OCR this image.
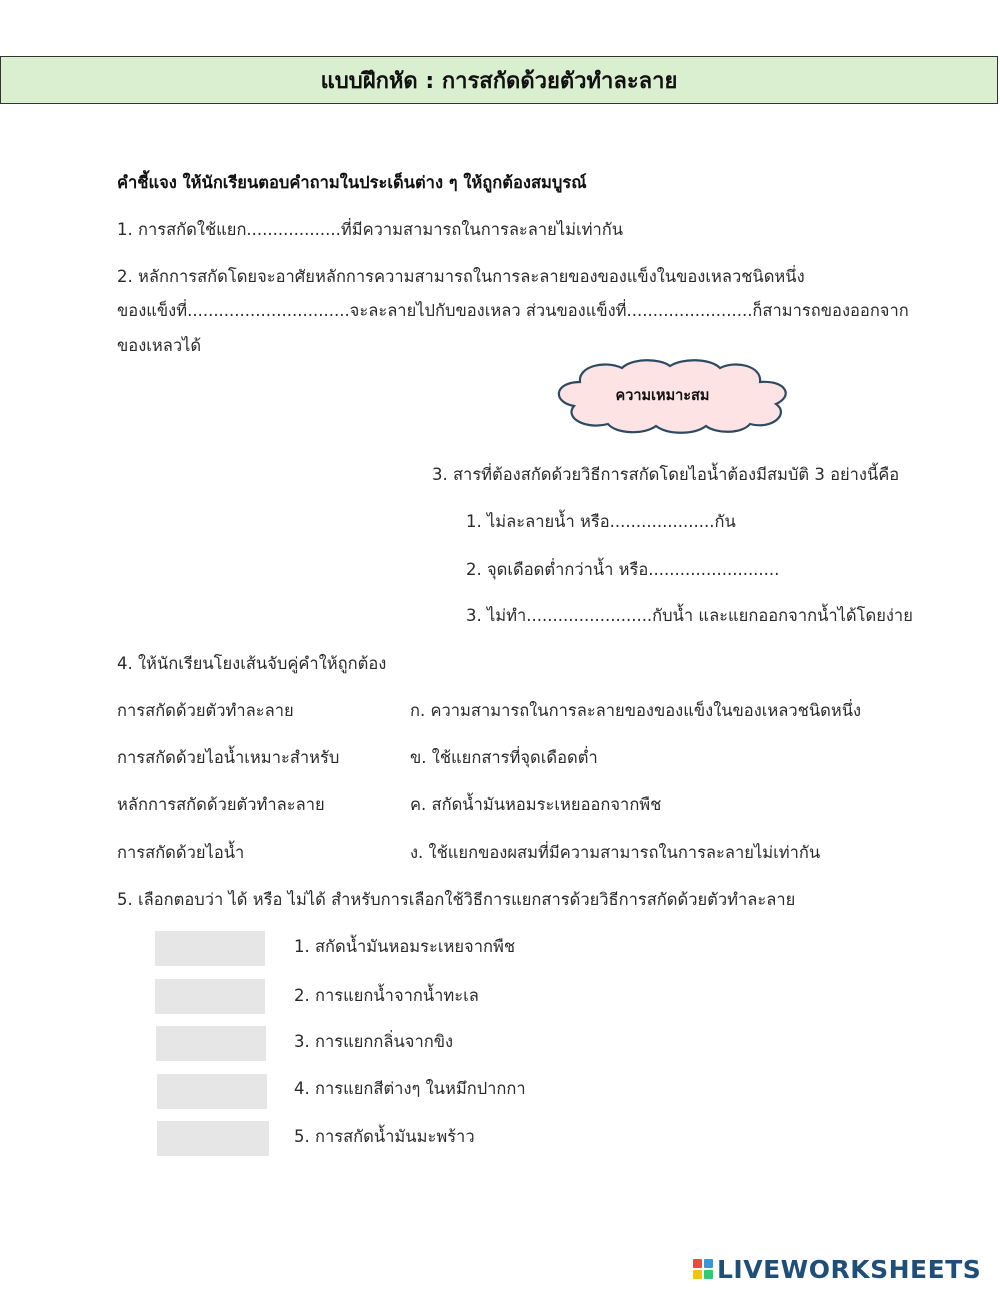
แบบฝึกหัด : การสกัดด้วยตัวทำละลาย
คำชี้แจง ให้นักเรียนตอบคำถามในประเด็นต่าง ๆ ให้ถูกต้องสมบูรณ์
1. การสกัดใช้แยก..................ที่มีความสามารถในการละลายไม่เท่ากัน
2. หลักการสกัดโดยจะอาศัยหลักการความสามารถในการละลายของของแข็งในของเหลวชนิดหนึ่ง
ของแข็งที่...............................จะละลายไปกับของเหลว ส่วนของแข็งที่........................ก็สามารถของออกจาก
ของเหลวได้
ความเหมาะสม
3. สารที่ต้องสกัดด้วยวิธีการสกัดโดยไอน้ำต้องมีสมบัติ 3 อย่างนี้คือ
1. ไม่ละลายน้ำ หรือ....................กัน
2. จุดเดือดต่ำกว่าน้ำ หรือ.........................
3. ไม่ทำ........................กับน้ำ และแยกออกจากน้ำได้โดยง่าย
4. ให้นักเรียนโยงเส้นจับคู่คำให้ถูกต้อง
การสกัดด้วยตัวทำละลาย
การสกัดด้วยไอน้ำเหมาะสำหรับ
หลักการสกัดด้วยตัวทำละลาย
การสกัดด้วยไอน้ำ
ก. ความสามารถในการละลายของของแข็งในของเหลวชนิดหนึ่ง
ข. ใช้แยกสารที่จุดเดือดต่ำ
ค. สกัดน้ำมันหอมระเหยออกจากพืช
ง. ใช้แยกของผสมที่มีความสามารถในการละลายไม่เท่ากัน
5. เลือกตอบว่า ได้ หรือ ไม่ได้ สำหรับการเลือกใช้วิธีการแยกสารด้วยวิธีการสกัดด้วยตัวทำละลาย
1. สกัดน้ำมันหอมระเหยจากพืช
2. การแยกน้ำจากน้ำทะเล
3. การแยกกลิ่นจากขิง
4. การแยกสีต่างๆ ในหมึกปากกา
5. การสกัดน้ำมันมะพร้าว
LIVEWORKSHEETS
